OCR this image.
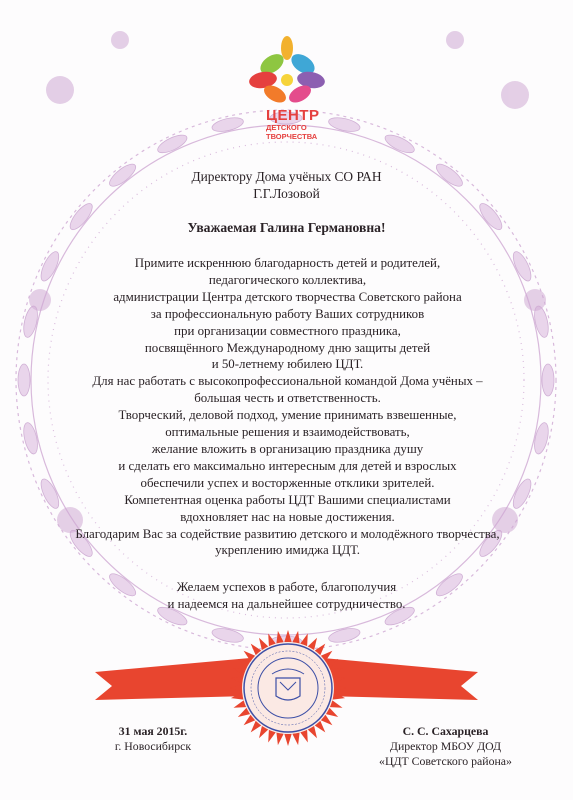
ЦЕНТР
ДЕТСКОГО
ТВОРЧЕСТВА
Директору Дома учёных СО РАН
Г.Г.Лозовой
Уважаемая Галина Германовна!

Примите искреннюю благодарность детей и родителей,

педагогического коллектива,

администрации Центра детского творчества Советского района

за профессиональную работу Ваших сотрудников

при организации совместного праздника,

посвящённого Международному дню защиты детей

и 50-летнему юбилею ЦДТ.

Для нас работать с высокопрофессиональной командой Дома учёных –

большая честь и ответственность.

Творческий, деловой подход, умение принимать взвешенные,

оптимальные решения и взаимодействовать,

желание вложить в организацию праздника душу

и сделать его максимально интересным для детей и взрослых

обеспечили успех и восторженные отклики зрителей.

Компетентная оценка работы ЦДТ Вашими специалистами

вдохновляет нас на новые достижения.

Благодарим Вас за содействие развитию детского и молодёжного творчества,

укреплению имиджа ЦДТ.

Желаем успехов в работе, благополучия
и надеемся на дальнейшее сотрудничество.
31 мая 2015г.
г. Новосибирск
С. С. Сахарцева
Директор МБОУ ДОД
«ЦДТ Советского района»
